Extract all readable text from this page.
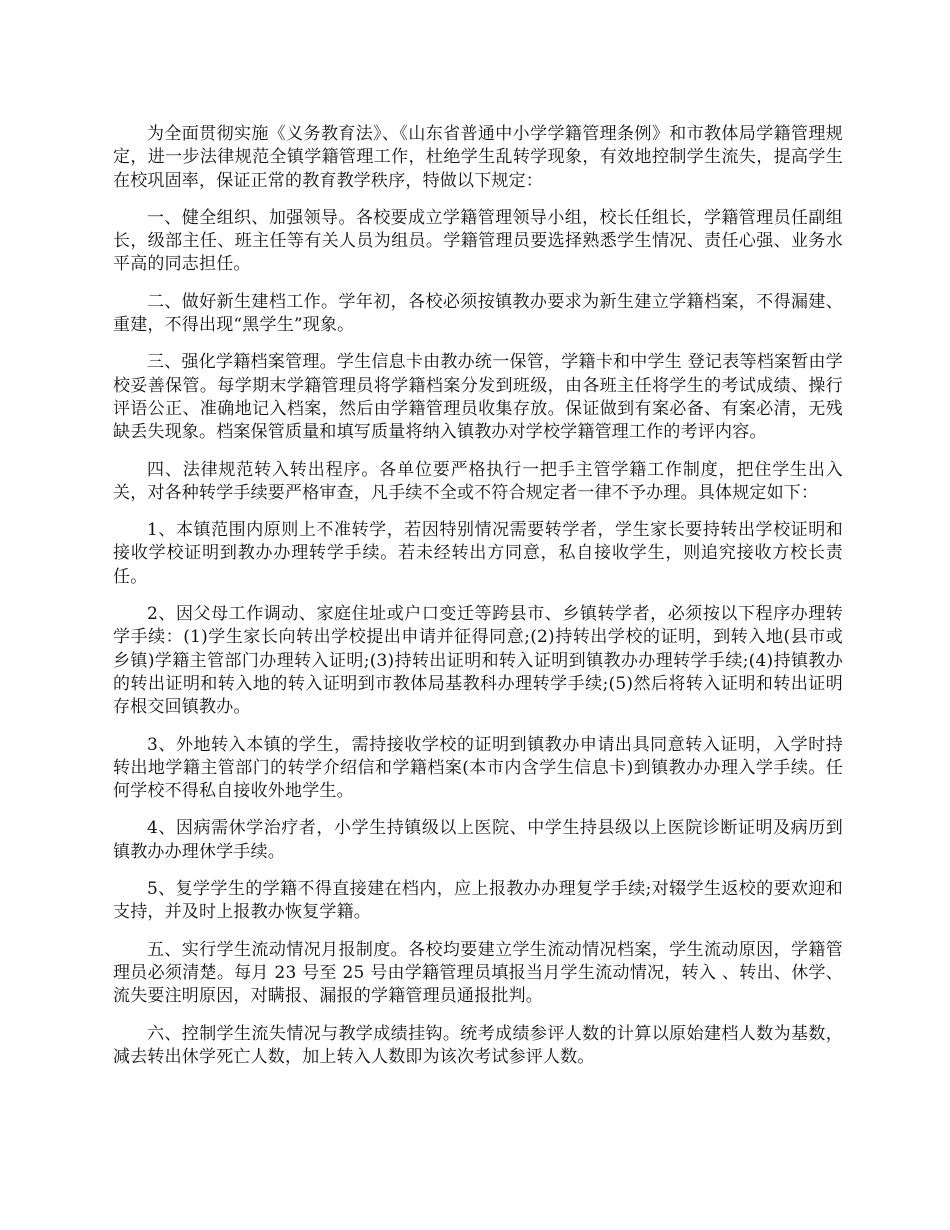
为全面贯彻实施《义务教育法》、《山东省普通中小学学籍管理条例》和市教体局学籍管理规定，进一步法律规范全镇学籍管理工作，杜绝学生乱转学现象，有效地控制学生流失，提高学生在校巩固率，保证正常的教育教学秩序，特做以下规定：

一、健全组织、加强领导。各校要成立学籍管理领导小组，校长任组长，学籍管理员任副组长，级部主任、班主任等有关人员为组员。学籍管理员要选择熟悉学生情况、责任心强、业务水平高的同志担任。

二、做好新生建档工作。学年初，各校必须按镇教办要求为新生建立学籍档案，不得漏建、重建，不得出现“黑学生”现象。

三、强化学籍档案管理。学生信息卡由教办统一保管，学籍卡和中学生 登记表等档案暂由学校妥善保管。每学期末学籍管理员将学籍档案分发到班级，由各班主任将学生的考试成绩、操行评语公正、准确地记入档案，然后由学籍管理员收集存放。保证做到有案必备、有案必清，无残缺丢失现象。档案保管质量和填写质量将纳入镇教办对学校学籍管理工作的考评内容。

四、法律规范转入转出程序。各单位要严格执行一把手主管学籍工作制度，把住学生出入关，对各种转学手续要严格审查，凡手续不全或不符合规定者一律不予办理。具体规定如下：

1、本镇范围内原则上不准转学，若因特别情况需要转学者，学生家长要持转出学校证明和接收学校证明到教办办理转学手续。若未经转出方同意，私自接收学生，则追究接收方校长责任。

2、因父母工作调动、家庭住址或户口变迁等跨县市、乡镇转学者，必须按以下程序办理转学手续：(1)学生家长向转出学校提出申请并征得同意;(2)持转出学校的证明，到转入地(县市或乡镇)学籍主管部门办理转入证明;(3)持转出证明和转入证明到镇教办办理转学手续;(4)持镇教办的转出证明和转入地的转入证明到市教体局基教科办理转学手续;(5)然后将转入证明和转出证明存根交回镇教办。

3、外地转入本镇的学生，需持接收学校的证明到镇教办申请出具同意转入证明，入学时持转出地学籍主管部门的转学介绍信和学籍档案(本市内含学生信息卡)到镇教办办理入学手续。任何学校不得私自接收外地学生。

4、因病需休学治疗者，小学生持镇级以上医院、中学生持县级以上医院诊断证明及病历到镇教办办理休学手续。

5、复学学生的学籍不得直接建在档内，应上报教办办理复学手续;对辍学生返校的要欢迎和支持，并及时上报教办恢复学籍。

五、实行学生流动情况月报制度。各校均要建立学生流动情况档案，学生流动原因，学籍管理员必须清楚。每月 23 号至 25 号由学籍管理员填报当月学生流动情况，转入 、转出、休学、流失要注明原因，对瞒报、漏报的学籍管理员通报批判。

六、控制学生流失情况与教学成绩挂钩。统考成绩参评人数的计算以原始建档人数为基数，减去转出休学死亡人数，加上转入人数即为该次考试参评人数。
